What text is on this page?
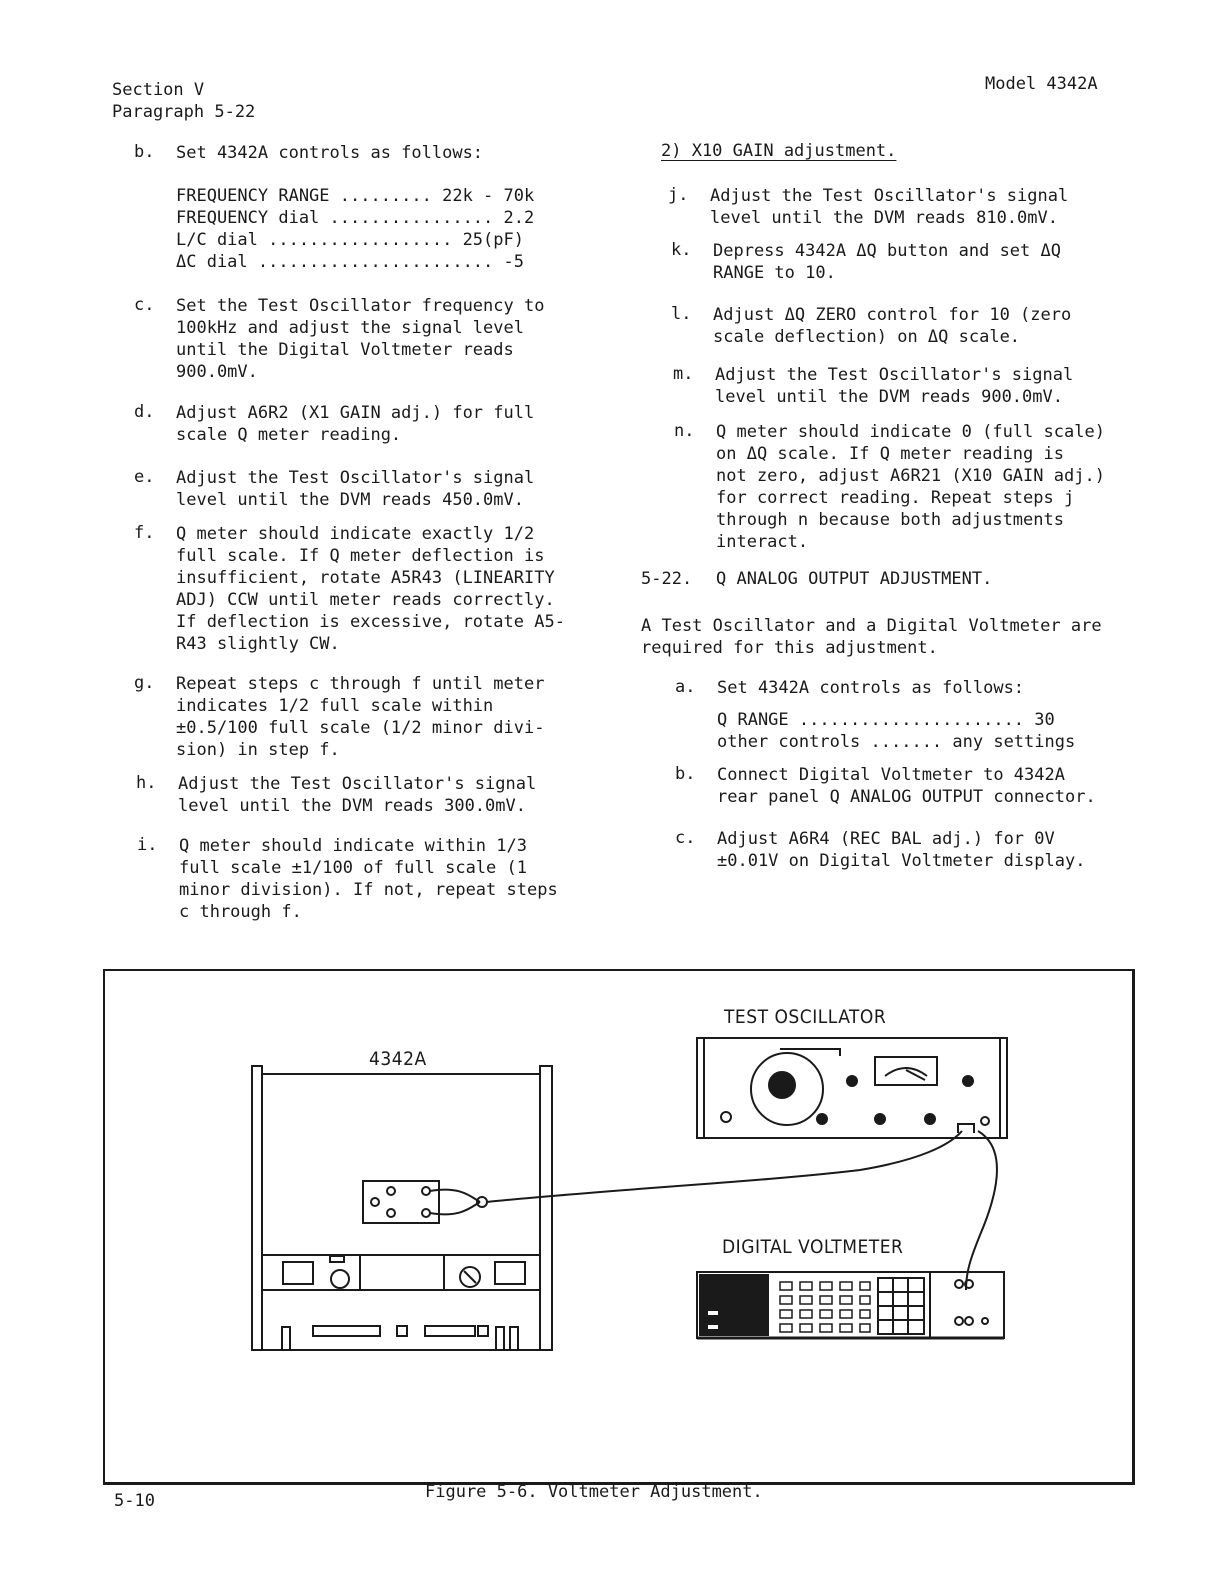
Section V
Paragraph 5-22
Model 4342A
b.	Set 4342A controls as follows:
FREQUENCY RANGE ......... 22k - 70k
FREQUENCY dial ................ 2.2
L/C dial .................. 25(pF)
ΔC dial ....................... -5
c.	Set the Test Oscillator frequency to
100kHz and adjust the signal level
until the Digital Voltmeter reads
900.0mV.
d.	Adjust A6R2 (X1 GAIN adj.) for full
scale Q meter reading.
e.	Adjust the Test Oscillator's signal
level until the DVM reads 450.0mV.
f.	Q meter should indicate exactly 1/2
full scale. If Q meter deflection is
insufficient, rotate A5R43 (LINEARITY
ADJ) CCW until meter reads correctly.
If deflection is excessive, rotate A5-
R43 slightly CW.
g.	Repeat steps c through f until meter
indicates 1/2 full scale within
±0.5/100 full scale (1/2 minor divi-
sion) in step f.
h.	Adjust the Test Oscillator's signal
level until the DVM reads 300.0mV.
i.	Q meter should indicate within 1/3
full scale ±1/100 of full scale (1
minor division). If not, repeat steps
c through f.
2) X10 GAIN adjustment.
j.	Adjust the Test Oscillator's signal
level until the DVM reads 810.0mV.
k.	Depress 4342A ΔQ button and set ΔQ
RANGE to 10.
l.	Adjust ΔQ ZERO control for 10 (zero
scale deflection) on ΔQ scale.
m.	Adjust the Test Oscillator's signal
level until the DVM reads 900.0mV.
n.	Q meter should indicate 0 (full scale)
on ΔQ scale. If Q meter reading is
not zero, adjust A6R21 (X10 GAIN adj.)
for correct reading. Repeat steps j
through n because both adjustments
interact.
5-22. Q ANALOG OUTPUT ADJUSTMENT.
A Test Oscillator and a Digital Voltmeter are
required for this adjustment.
a.	Set 4342A controls as follows:
Q RANGE ...................... 30
other controls ....... any settings
b.	Connect Digital Voltmeter to 4342A
rear panel Q ANALOG OUTPUT connector.
c.	Adjust A6R4 (REC BAL adj.) for 0V
±0.01V on Digital Voltmeter display.
4342A
TEST OSCILLATOR
DIGITAL VOLTMETER
Figure 5-6. Voltmeter Adjustment.
5-10
